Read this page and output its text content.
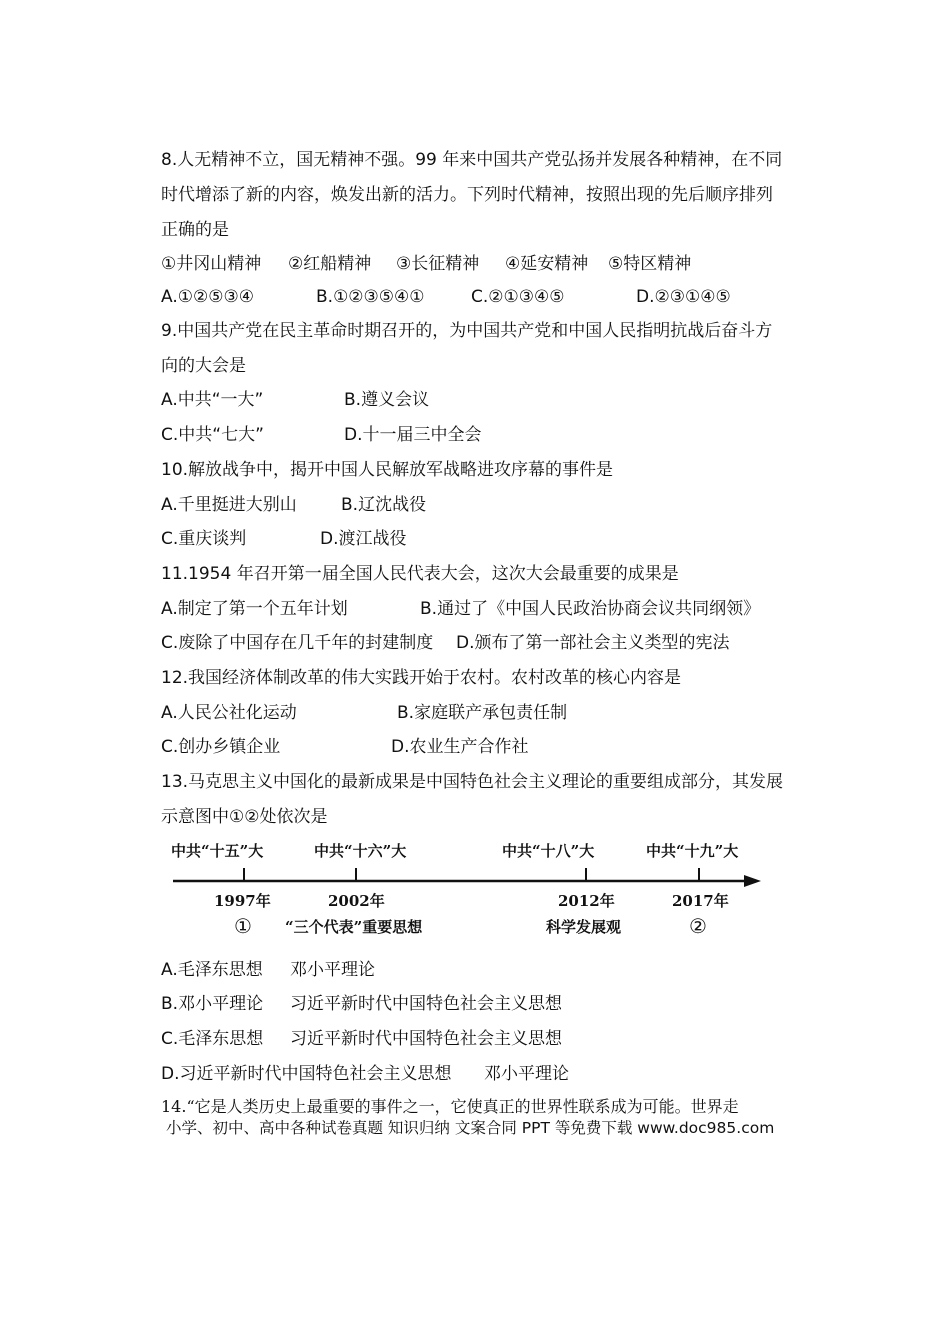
8.人无精神不立，国无精神不强。99 年来中国共产党弘扬并发展各种精神，在不同
时代增添了新的内容，焕发出新的活力。下列时代精神，按照出现的先后顺序排列
正确的是
①井冈山精神 ②红船精神 ③长征精神 ④延安精神 ⑤特区精神
A.①②⑤③④	B.①②③⑤④①	C.②①③④⑤	D.②③①④⑤
9.中国共产党在民主革命时期召开的，为中国共产党和中国人民指明抗战后奋斗方
向的大会是
A.中共“一大”	B.遵义会议
C.中共“七大”	D.十一届三中全会
10.解放战争中，揭开中国人民解放军战略进攻序幕的事件是
A.千里挺进大别山	B.辽沈战役
C.重庆谈判	D.渡江战役
11.1954 年召开第一届全国人民代表大会，这次大会最重要的成果是
A.制定了第一个五年计划	B.通过了《中国人民政治协商会议共同纲领》
C.废除了中国存在几千年的封建制度 D.颁布了第一部社会主义类型的宪法
12.我国经济体制改革的伟大实践开始于农村。农村改革的核心内容是
A.人民公社化运动	B.家庭联产承包责任制
C.创办乡镇企业	D.农业生产合作社
13.马克思主义中国化的最新成果是中国特色社会主义理论的重要组成部分，其发展
示意图中①②处依次是
中共“十五”大	中共“十六”大	中共“十八”大	中共“十九”大
1997年	2002年	2012年	2017年
① “三个代表”重要思想	科学发展观	②
A.毛泽东思想 邓小平理论
B.邓小平理论 习近平新时代中国特色社会主义思想
C.毛泽东思想 习近平新时代中国特色社会主义思想
D.习近平新时代中国特色社会主义思想 邓小平理论
14.“它是人类历史上最重要的事件之一，它使真正的世界性联系成为可能。世界走
小学、初中、高中各种试卷真题 知识归纳 文案合同 PPT 等免费下载 www.doc985.com
